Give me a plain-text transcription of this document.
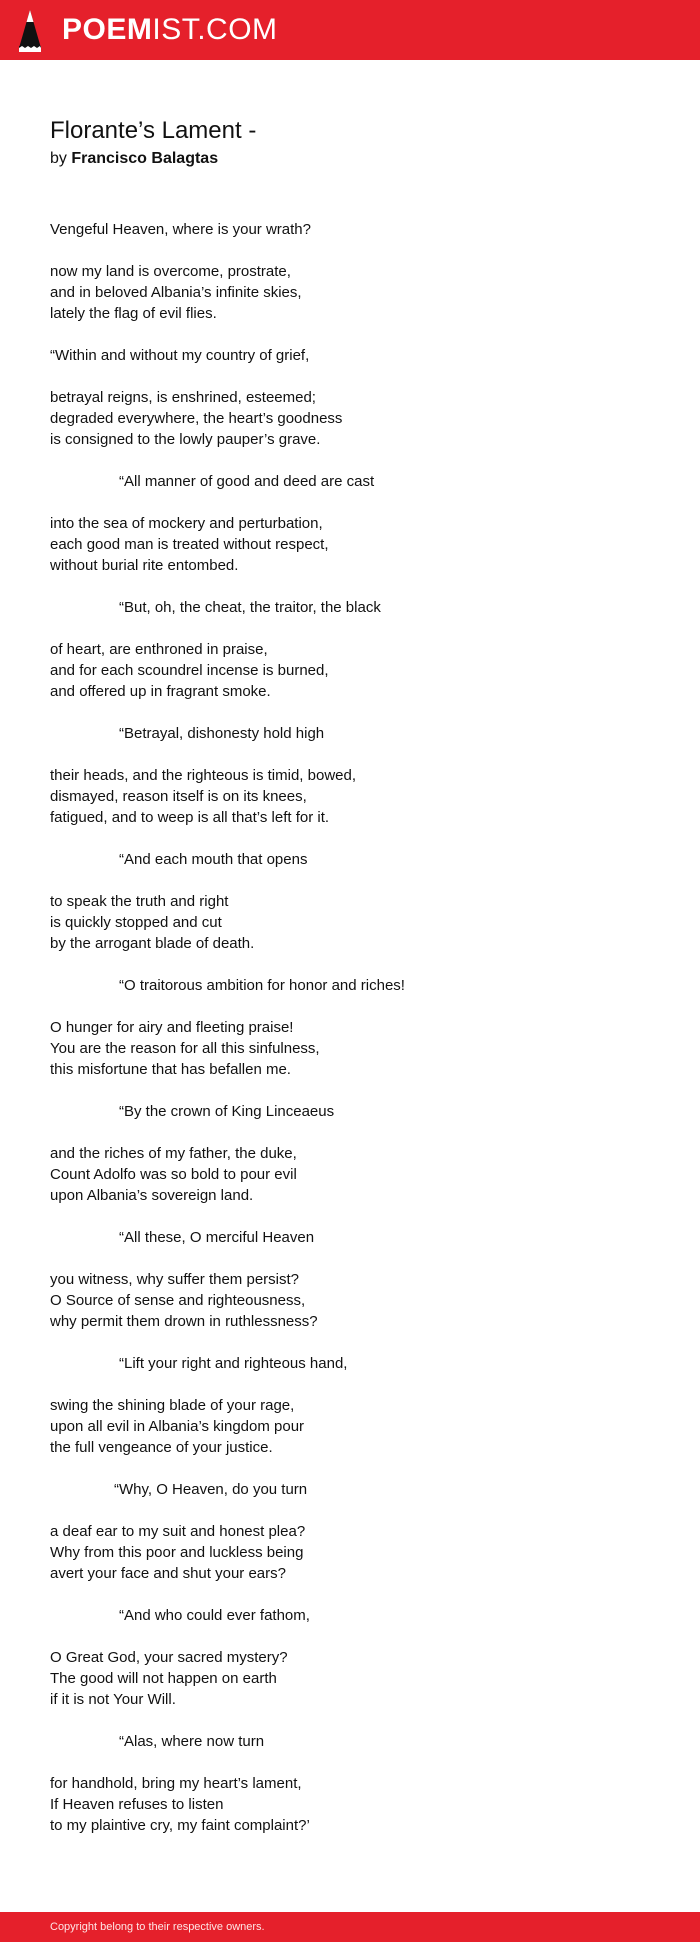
POEMIST.COM
Florante’s Lament -
by Francisco Balagtas
Vengeful Heaven, where is your wrath?
now my land is overcome, prostrate,
and in beloved Albania’s infinite skies,
lately the flag of evil flies.
“Within and without my country of grief,
betrayal reigns, is enshrined, esteemed;
degraded everywhere, the heart’s goodness
is consigned to the lowly pauper’s grave.
“All manner of good and deed are cast
into the sea of mockery and perturbation,
each good man is treated without respect,
without burial rite entombed.
“But, oh, the cheat, the traitor, the black
of heart, are enthroned in praise,
and for each scoundrel incense is burned,
and offered up in fragrant smoke.
“Betrayal, dishonesty hold high
their heads, and the righteous is timid, bowed,
dismayed, reason itself is on its knees,
fatigued, and to weep is all that’s left for it.
“And each mouth that opens
to speak the truth and right
is quickly stopped and cut
by the arrogant blade of death.
“O traitorous ambition for honor and riches!
O hunger for airy and fleeting praise!
You are the reason for all this sinfulness,
this misfortune that has befallen me.
“By the crown of King Linceaeus
and the riches of my father, the duke,
Count Adolfo was so bold to pour evil
upon Albania’s sovereign land.
“All these, O merciful Heaven
you witness, why suffer them persist?
O Source of sense and righteousness,
why permit them drown in ruthlessness?
“Lift your right and righteous hand,
swing the shining blade of your rage,
upon all evil in Albania’s kingdom pour
the full vengeance of your justice.
“Why, O Heaven, do you turn
a deaf ear to my suit and honest plea?
Why from this poor and luckless being
avert your face and shut your ears?
“And who could ever fathom,
O Great God, your sacred mystery?
The good will not happen on earth
if it is not Your Will.
“Alas, where now turn
for handhold, bring my heart’s lament,
If Heaven refuses to listen
to my plaintive cry, my faint complaint?’
Copyright belong to their respective owners.
